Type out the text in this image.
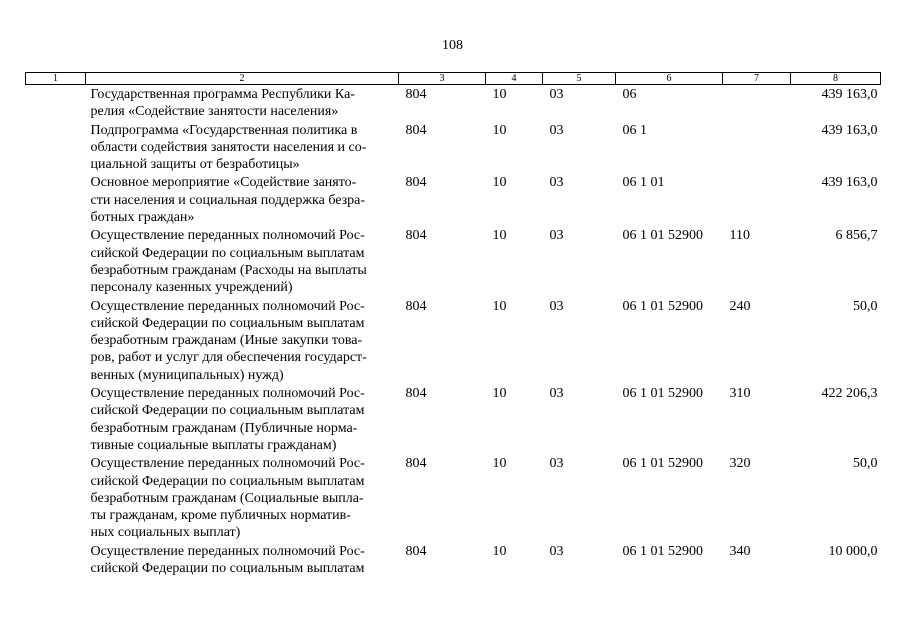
108
1	2	3	4	5	6	7	8
	Государственная программа Республики Ка-
релия «Содействие занятости населения»	804	10	03	06		439 163,0
	Подпрограмма «Государственная политика в
области содействия занятости населения и со-
циальной защиты от безработицы»	804	10	03	06 1		439 163,0
	Основное мероприятие «Содействие занято-
сти населения и социальная поддержка безра-
ботных граждан»	804	10	03	06 1 01		439 163,0
	Осуществление переданных полномочий Рос-
сийской Федерации по социальным выплатам
безработным гражданам (Расходы на выплаты
персоналу казенных учреждений)	804	10	03	06 1 01 52900	110	6 856,7
	Осуществление переданных полномочий Рос-
сийской Федерации по социальным выплатам
безработным гражданам (Иные закупки това-
ров, работ и услуг для обеспечения государст-
венных (муниципальных) нужд)	804	10	03	06 1 01 52900	240	50,0
	Осуществление переданных полномочий Рос-
сийской Федерации по социальным выплатам
безработным гражданам (Публичные норма-
тивные социальные выплаты гражданам)	804	10	03	06 1 01 52900	310	422 206,3
	Осуществление переданных полномочий Рос-
сийской Федерации по социальным выплатам
безработным гражданам (Социальные выпла-
ты гражданам, кроме публичных норматив-
ных социальных выплат)	804	10	03	06 1 01 52900	320	50,0
	Осуществление переданных полномочий Рос-
сийской Федерации по социальным выплатам	804	10	03	06 1 01 52900	340	10 000,0
